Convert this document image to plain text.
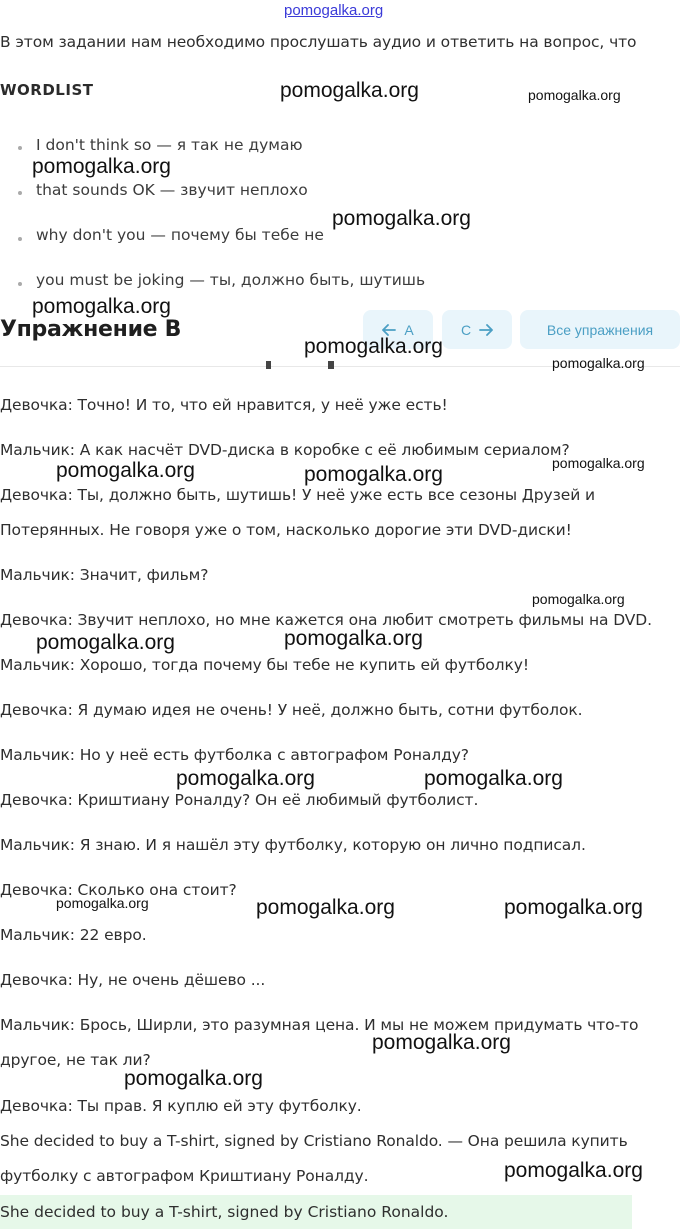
pomogalka.org
В этом задании нам необходимо прослушать аудио и ответить на вопрос, что
WORDLIST
I don't think so — я так не думаю
that sounds OK — звучит неплохо
why don't you — почему бы тебе не
you must be joking — ты, должно быть, шутишь
Упражнение B	A	C	Все упражнения
Девочка: Точно! И то, что ей нравится, у неё уже есть!
Мальчик: А как насчёт DVD-диска в коробке с её любимым сериалом?
Девочка: Ты, должно быть, шутишь! У неё уже есть все сезоны Друзей и
Потерянных. Не говоря уже о том, насколько дорогие эти DVD-диски!
Мальчик: Значит, фильм?
Девочка: Звучит неплохо, но мне кажется она любит смотреть фильмы на DVD.
Мальчик: Хорошо, тогда почему бы тебе не купить ей футболку!
Девочка: Я думаю идея не очень! У неё, должно быть, сотни футболок.
Мальчик: Но у неё есть футболка с автографом Роналду?
Девочка: Криштиану Роналду? Он её любимый футболист.
Мальчик: Я знаю. И я нашёл эту футболку, которую он лично подписал.
Девочка: Сколько она стоит?
Мальчик: 22 евро.
Девочка: Ну, не очень дёшево ...
Мальчик: Брось, Ширли, это разумная цена. И мы не можем придумать что-то
другое, не так ли?
Девочка: Ты прав. Я куплю ей эту футболку.
She decided to buy a T-shirt, signed by Cristiano Ronaldo. — Она решила купить
футболку с автографом Криштиану Роналду.
She decided to buy a T-shirt, signed by Cristiano Ronaldo.
pomogalka.org	pomogalka.org
pomogalka.org
pomogalka.org
pomogalka.org
pomogalka.org
pomogalka.org
pomogalka.org	pomogalka.org	pomogalka.org
pomogalka.org
pomogalka.org	pomogalka.org
pomogalka.org	pomogalka.org
pomogalka.org	pomogalka.org	pomogalka.org
pomogalka.org
pomogalka.org
pomogalka.org
